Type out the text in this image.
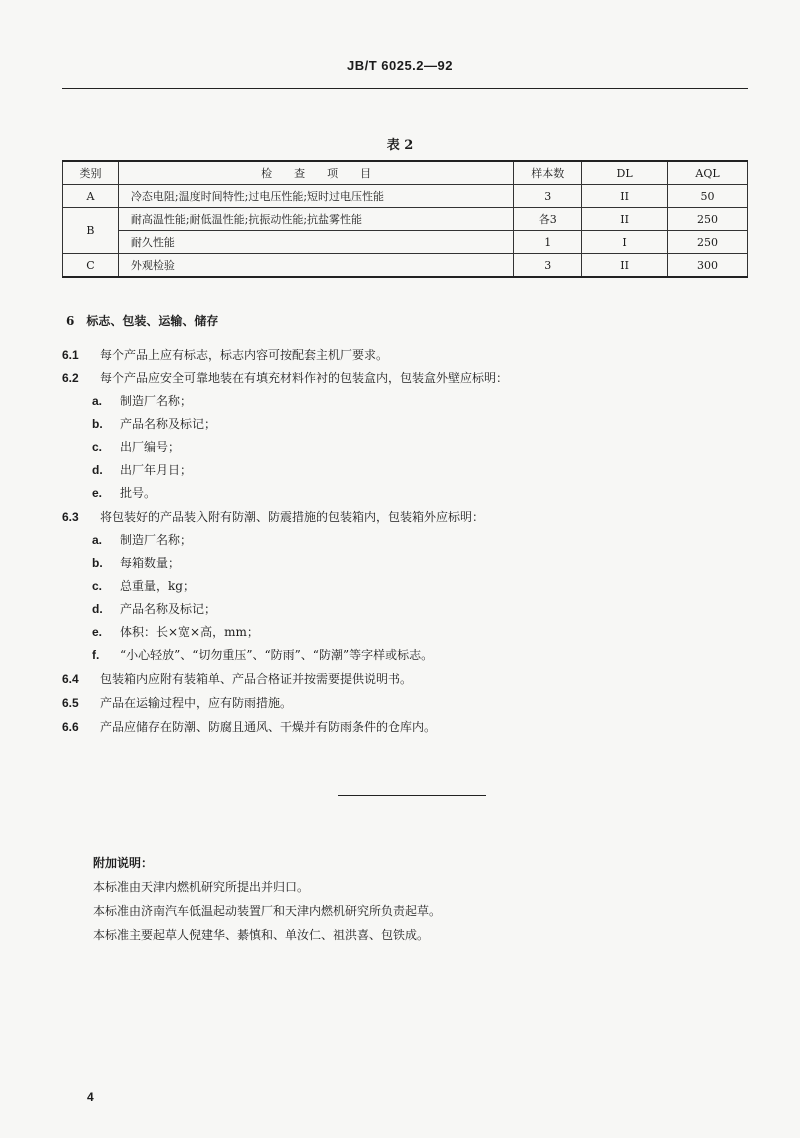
JB/T 6025.2—92
表 2
类别	检　　查　　项　　目	样本数	DL	AQL
A	冷态电阻;温度时间特性;过电压性能;短时过电压性能	3	II	50
B	耐高温性能;耐低温性能;抗振动性能;抗盐雾性能	各3	II	250
	耐久性能	1	I	250
C	外观检验	3	II	300
6　标志、包装、运输、储存
6.1 每个产品上应有标志，标志内容可按配套主机厂要求。
6.2 每个产品应安全可靠地装在有填充材料作衬的包装盒内，包装盒外壁应标明：
a. 制造厂名称；
b. 产品名称及标记；
c. 出厂编号；
d. 出厂年月日；
e. 批号。
6.3 将包装好的产品装入附有防潮、防震措施的包装箱内，包装箱外应标明：
a. 制造厂名称；
b. 每箱数量；
c. 总重量，kg；
d. 产品名称及标记；
e. 体积：长×宽×高，mm；
f. “小心轻放”、“切勿重压”、“防雨”、“防潮”等字样或标志。
6.4 包装箱内应附有装箱单、产品合格证并按需要提供说明书。
6.5 产品在运输过程中，应有防雨措施。
6.6 产品应储存在防潮、防腐且通风、干燥并有防雨条件的仓库内。
附加说明：
本标准由天津内燃机研究所提出并归口。
本标准由济南汽车低温起动装置厂和天津内燃机研究所负责起草。
本标准主要起草人倪建华、綦慎和、单汝仁、祖洪喜、包铁成。
4
